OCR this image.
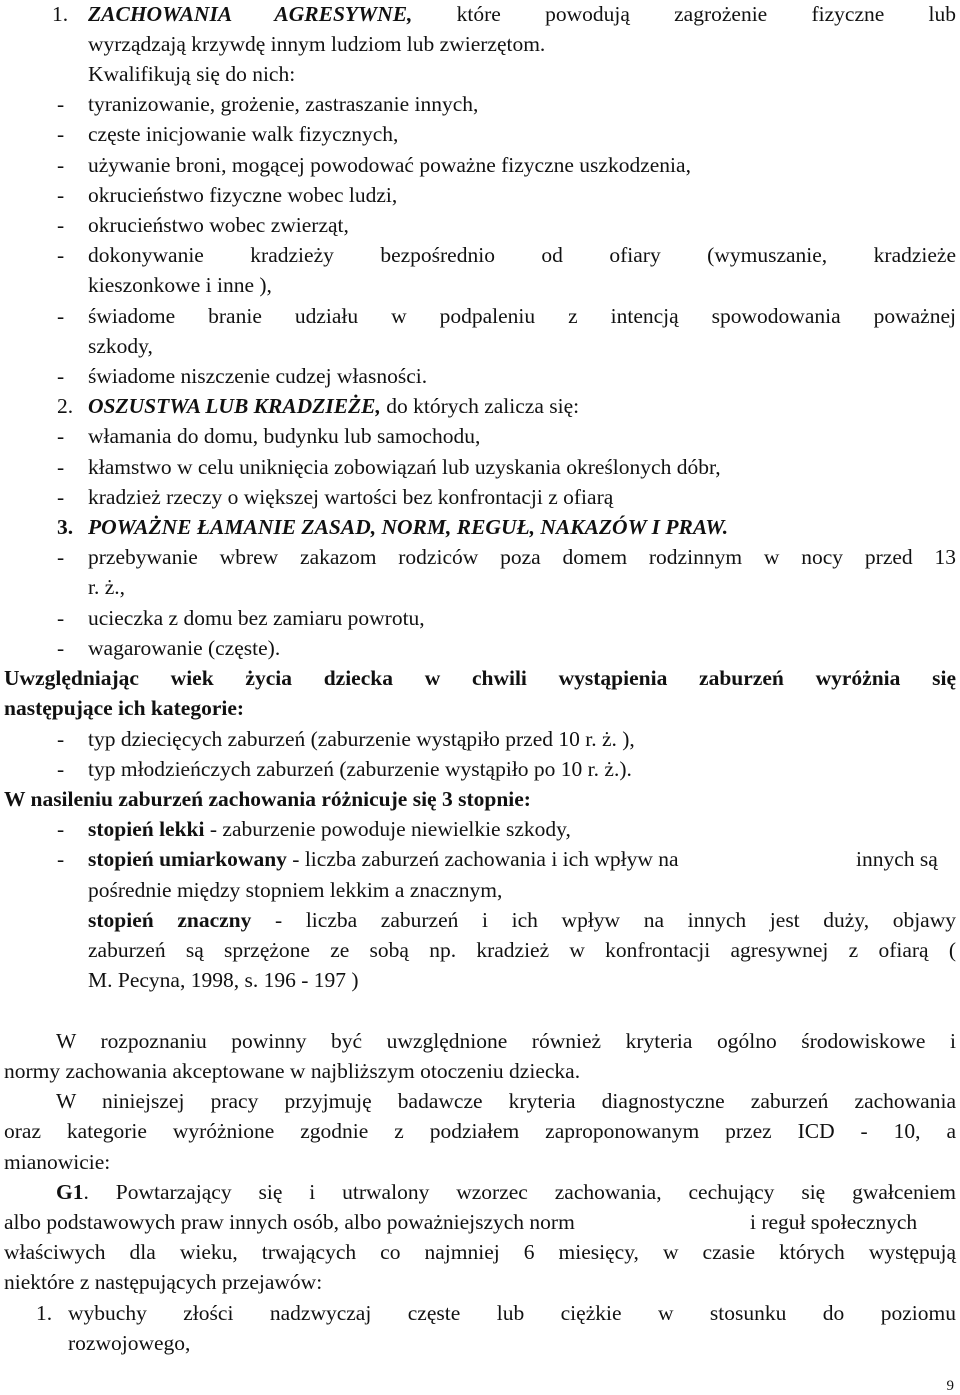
1. ZACHOWANIA AGRESYWNE, które powodują zagrożenie fizyczne lub
wyrządzają krzywdę innym ludziom lub zwierzętom.
Kwalifikują się do nich:
- tyranizowanie, grożenie, zastraszanie innych,
- częste inicjowanie walk fizycznych,
- używanie broni, mogącej powodować poważne fizyczne uszkodzenia,
- okrucieństwo fizyczne wobec ludzi,
- okrucieństwo wobec zwierząt,
- dokonywanie kradzieży bezpośrednio od ofiary (wymuszanie, kradzieże
kieszonkowe i inne ),
- świadome branie udziału w podpaleniu z intencją spowodowania poważnej
szkody,
- świadome niszczenie cudzej własności.
2. OSZUSTWA LUB KRADZIEŻE, do których zalicza się:
- włamania do domu, budynku lub samochodu,
- kłamstwo w celu uniknięcia zobowiązań lub uzyskania określonych dóbr,
- kradzież rzeczy o większej wartości bez konfrontacji z ofiarą
3. POWAŻNE ŁAMANIE ZASAD, NORM, REGUŁ, NAKAZÓW I PRAW.
- przebywanie wbrew zakazom rodziców poza domem rodzinnym w nocy przed 13
r. ż.,
- ucieczka z domu bez zamiaru powrotu,
- wagarowanie (częste).
Uwzględniając wiek życia dziecka w chwili wystąpienia zaburzeń wyróżnia się
następujące ich kategorie:
- typ dziecięcych zaburzeń (zaburzenie wystąpiło przed 10 r. ż. ),
- typ młodzieńczych zaburzeń (zaburzenie wystąpiło po 10 r. ż.).
W nasileniu zaburzeń zachowania różnicuje się 3 stopnie:
- stopień lekki - zaburzenie powoduje niewielkie szkody,
- stopień umiarkowany - liczba zaburzeń zachowania i ich wpływ na	innych są
pośrednie między stopniem lekkim a znacznym,
stopień znaczny - liczba zaburzeń i ich wpływ na innych jest duży, objawy
zaburzeń są sprzężone ze sobą np. kradzież w konfrontacji agresywnej z ofiarą (
M. Pecyna, 1998, s. 196 - 197 )
W rozpoznaniu powinny być uwzględnione również kryteria ogólno środowiskowe i
normy zachowania akceptowane w najbliższym otoczeniu dziecka.
W niniejszej pracy przyjmuję badawcze kryteria diagnostyczne zaburzeń zachowania
oraz kategorie wyróżnione zgodnie z podziałem zaproponowanym przez ICD - 10, a
mianowicie:
G1. Powtarzający się i utrwalony wzorzec zachowania, cechujący się gwałceniem
albo podstawowych praw innych osób, albo poważniejszych norm	i reguł społecznych
właściwych dla wieku, trwających co najmniej 6 miesięcy, w czasie których występują
niektóre z następujących przejawów:
1. wybuchy złości nadzwyczaj częste lub ciężkie w stosunku do poziomu
rozwojowego,
9
